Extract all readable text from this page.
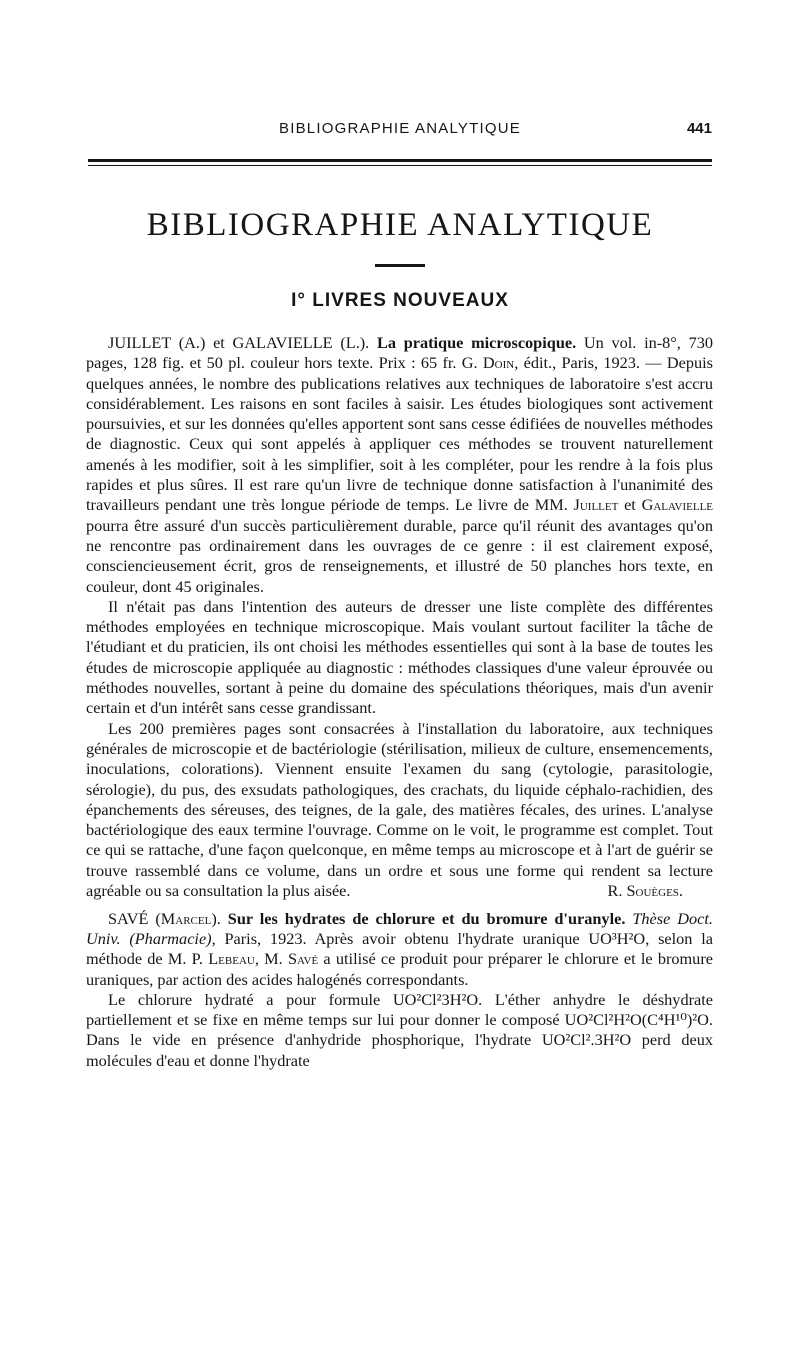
BIBLIOGRAPHIE ANALYTIQUE	441
BIBLIOGRAPHIE ANALYTIQUE
I° LIVRES NOUVEAUX

JUILLET (A.) et GALAVIELLE (L.). La pratique microscopique. Un vol. in-8°, 730 pages, 128 fig. et 50 pl. couleur hors texte. Prix : 65 fr. G. Doin, édit., Paris, 1923. — Depuis quelques années, le nombre des publications relatives aux techniques de laboratoire s'est accru considérablement. Les raisons en sont faciles à saisir. Les études biologiques sont activement poursuivies, et sur les données qu'elles apportent sont sans cesse édifiées de nouvelles méthodes de diagnostic. Ceux qui sont appelés à appliquer ces méthodes se trouvent naturellement amenés à les modifier, soit à les simplifier, soit à les compléter, pour les rendre à la fois plus rapides et plus sûres. Il est rare qu'un livre de technique donne satisfaction à l'unanimité des travailleurs pendant une très longue période de temps. Le livre de MM. Juillet et Galavielle pourra être assuré d'un succès particulièrement durable, parce qu'il réunit des avantages qu'on ne rencontre pas ordinairement dans les ouvrages de ce genre : il est clairement exposé, consciencieusement écrit, gros de renseignements, et illustré de 50 planches hors texte, en couleur, dont 45 originales.

Il n'était pas dans l'intention des auteurs de dresser une liste complète des différentes méthodes employées en technique microscopique. Mais voulant surtout faciliter la tâche de l'étudiant et du praticien, ils ont choisi les méthodes essentielles qui sont à la base de toutes les études de microscopie appliquée au diagnostic : méthodes classiques d'une valeur éprouvée ou méthodes nouvelles, sortant à peine du domaine des spéculations théoriques, mais d'un avenir certain et d'un intérêt sans cesse grandissant.

Les 200 premières pages sont consacrées à l'installation du laboratoire, aux techniques générales de microscopie et de bactériologie (stérilisation, milieux de culture, ensemencements, inoculations, colorations). Viennent ensuite l'examen du sang (cytologie, parasitologie, sérologie), du pus, des exsudats pathologiques, des crachats, du liquide céphalo-rachidien, des épanchements des séreuses, des teignes, de la gale, des matières fécales, des urines. L'analyse bactériologique des eaux termine l'ouvrage. Comme on le voit, le programme est complet. Tout ce qui se rattache, d'une façon quelconque, en même temps au microscope et à l'art de guérir se trouve rassemblé dans ce volume, dans un ordre et sous une forme qui rendent sa lecture agréable ou sa consultation la plus aisée.	R. Souèges.

SAVÉ (Marcel). Sur les hydrates de chlorure et du bromure d'uranyle. Thèse Doct. Univ. (Pharmacie), Paris, 1923. Après avoir obtenu l'hydrate uranique UO³H²O, selon la méthode de M. P. Lebeau, M. Savé a utilisé ce produit pour préparer le chlorure et le bromure uraniques, par action des acides halogénés correspondants.

Le chlorure hydraté a pour formule UO²Cl²3H²O. L'éther anhydre le déshydrate partiellement et se fixe en même temps sur lui pour donner le composé UO²Cl²H²O(C⁴H¹⁰)²O. Dans le vide en présence d'anhydride phosphorique, l'hydrate UO²Cl².3H²O perd deux molécules d'eau et donne l'hydrate
